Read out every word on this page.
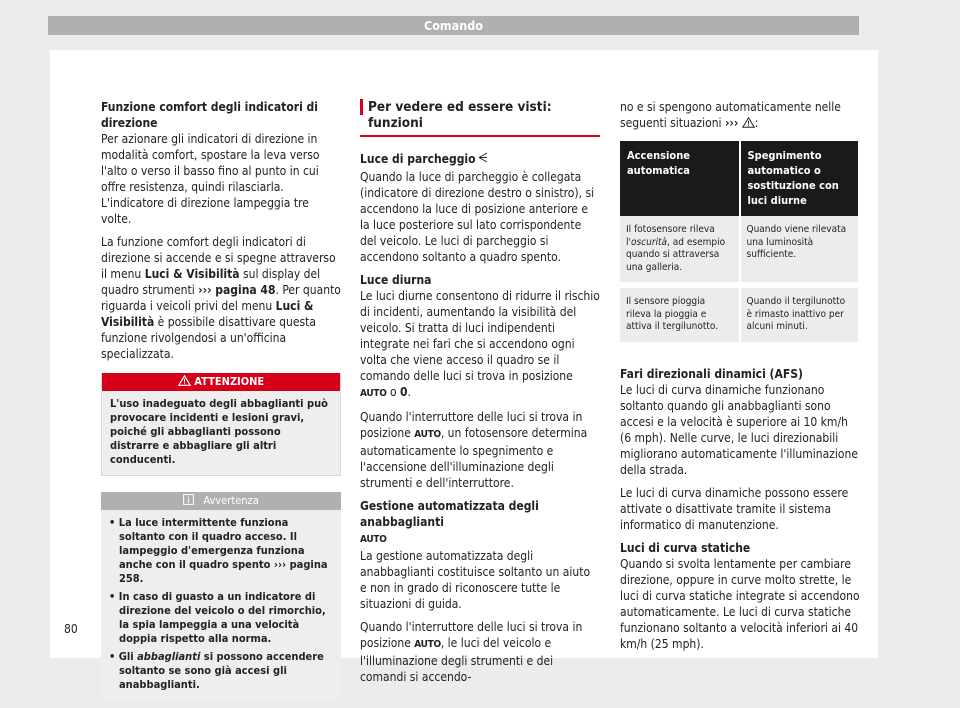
Comando

Funzione comfort degli indicatori di direzione

Per azionare gli indicatori di direzione in modalità comfort, spostare la leva verso l'alto o verso il basso fino al punto in cui offre resistenza, quindi rilasciarla. L'indicatore di direzione lampeggia tre volte.

La funzione comfort degli indicatori di direzione si accende e si spegne attraverso il menu Luci & Visibilità sul display del quadro strumenti ››› pagina 48. Per quanto riguarda i veicoli privi del menu Luci & Visibilità è possibile disattivare questa funzione rivolgendosi a un'officina specializzata.

ATTENZIONE
L'uso inadeguato degli abbaglianti può provocare incidenti e lesioni gravi, poiché gli abbaglianti possono distrarre e abbagliare gli altri conducenti.
Avvertenza
• La luce intermittente funziona soltanto con il quadro acceso. Il lampeggio d'emergenza funziona anche con il quadro spento ››› pagina 258.
• In caso di guasto a un indicatore di direzione del veicolo o del rimorchio, la spia lampeggia a una velocità doppia rispetto alla norma.
• Gli abbaglianti si possono accendere soltanto se sono già accesi gli anabbaglianti.
Per vedere ed essere visti: funzioni

Luce di parcheggio

Quando la luce di parcheggio è collegata (indicatore di direzione destro o sinistro), si accendono la luce di posizione anteriore e la luce posteriore sul lato corrispondente del veicolo. Le luci di parcheggio si accendono soltanto a quadro spento.

Luce diurna

Le luci diurne consentono di ridurre il rischio di incidenti, aumentando la visibilità del veicolo. Si tratta di luci indipendenti integrate nei fari che si accendono ogni volta che viene acceso il quadro se il comando delle luci si trova in posizione AUTO o 0.

Quando l'interruttore delle luci si trova in posizione AUTO, un fotosensore determina automaticamente lo spegnimento e l'accensione dell'illuminazione degli strumenti e dell'interruttore.

Gestione automatizzata degli anabbaglianti
AUTO

La gestione automatizzata degli anabbaglianti costituisce soltanto un aiuto e non in grado di riconoscere tutte le situazioni di guida.

Quando l'interruttore delle luci si trova in posizione AUTO, le luci del veicolo e l'illuminazione degli strumenti e dei comandi si accendo-

no e si spengono automaticamente nelle seguenti situazioni ››› :

Accensione automatica	Spegnimento automatico o sostituzione con luci diurne
Il fotosensore rileva l'oscurità, ad esempio quando si attraversa una galleria.	Quando viene rilevata una luminosità sufficiente.
Il sensore pioggia rileva la pioggia e attiva il tergilunotto.	Quando il tergilunotto è rimasto inattivo per alcuni minuti.

Fari direzionali dinamici (AFS)

Le luci di curva dinamiche funzionano soltanto quando gli anabbaglianti sono accesi e la velocità è superiore ai 10 km/h (6 mph). Nelle curve, le luci direzionabili migliorano automaticamente l'illuminazione della strada.

Le luci di curva dinamiche possono essere attivate o disattivate tramite il sistema informatico di manutenzione.

Luci di curva statiche

Quando si svolta lentamente per cambiare direzione, oppure in curve molto strette, le luci di curva statiche integrate si accendono automaticamente. Le luci di curva statiche funzionano soltanto a velocità inferiori ai 40 km/h (25 mph).

80
